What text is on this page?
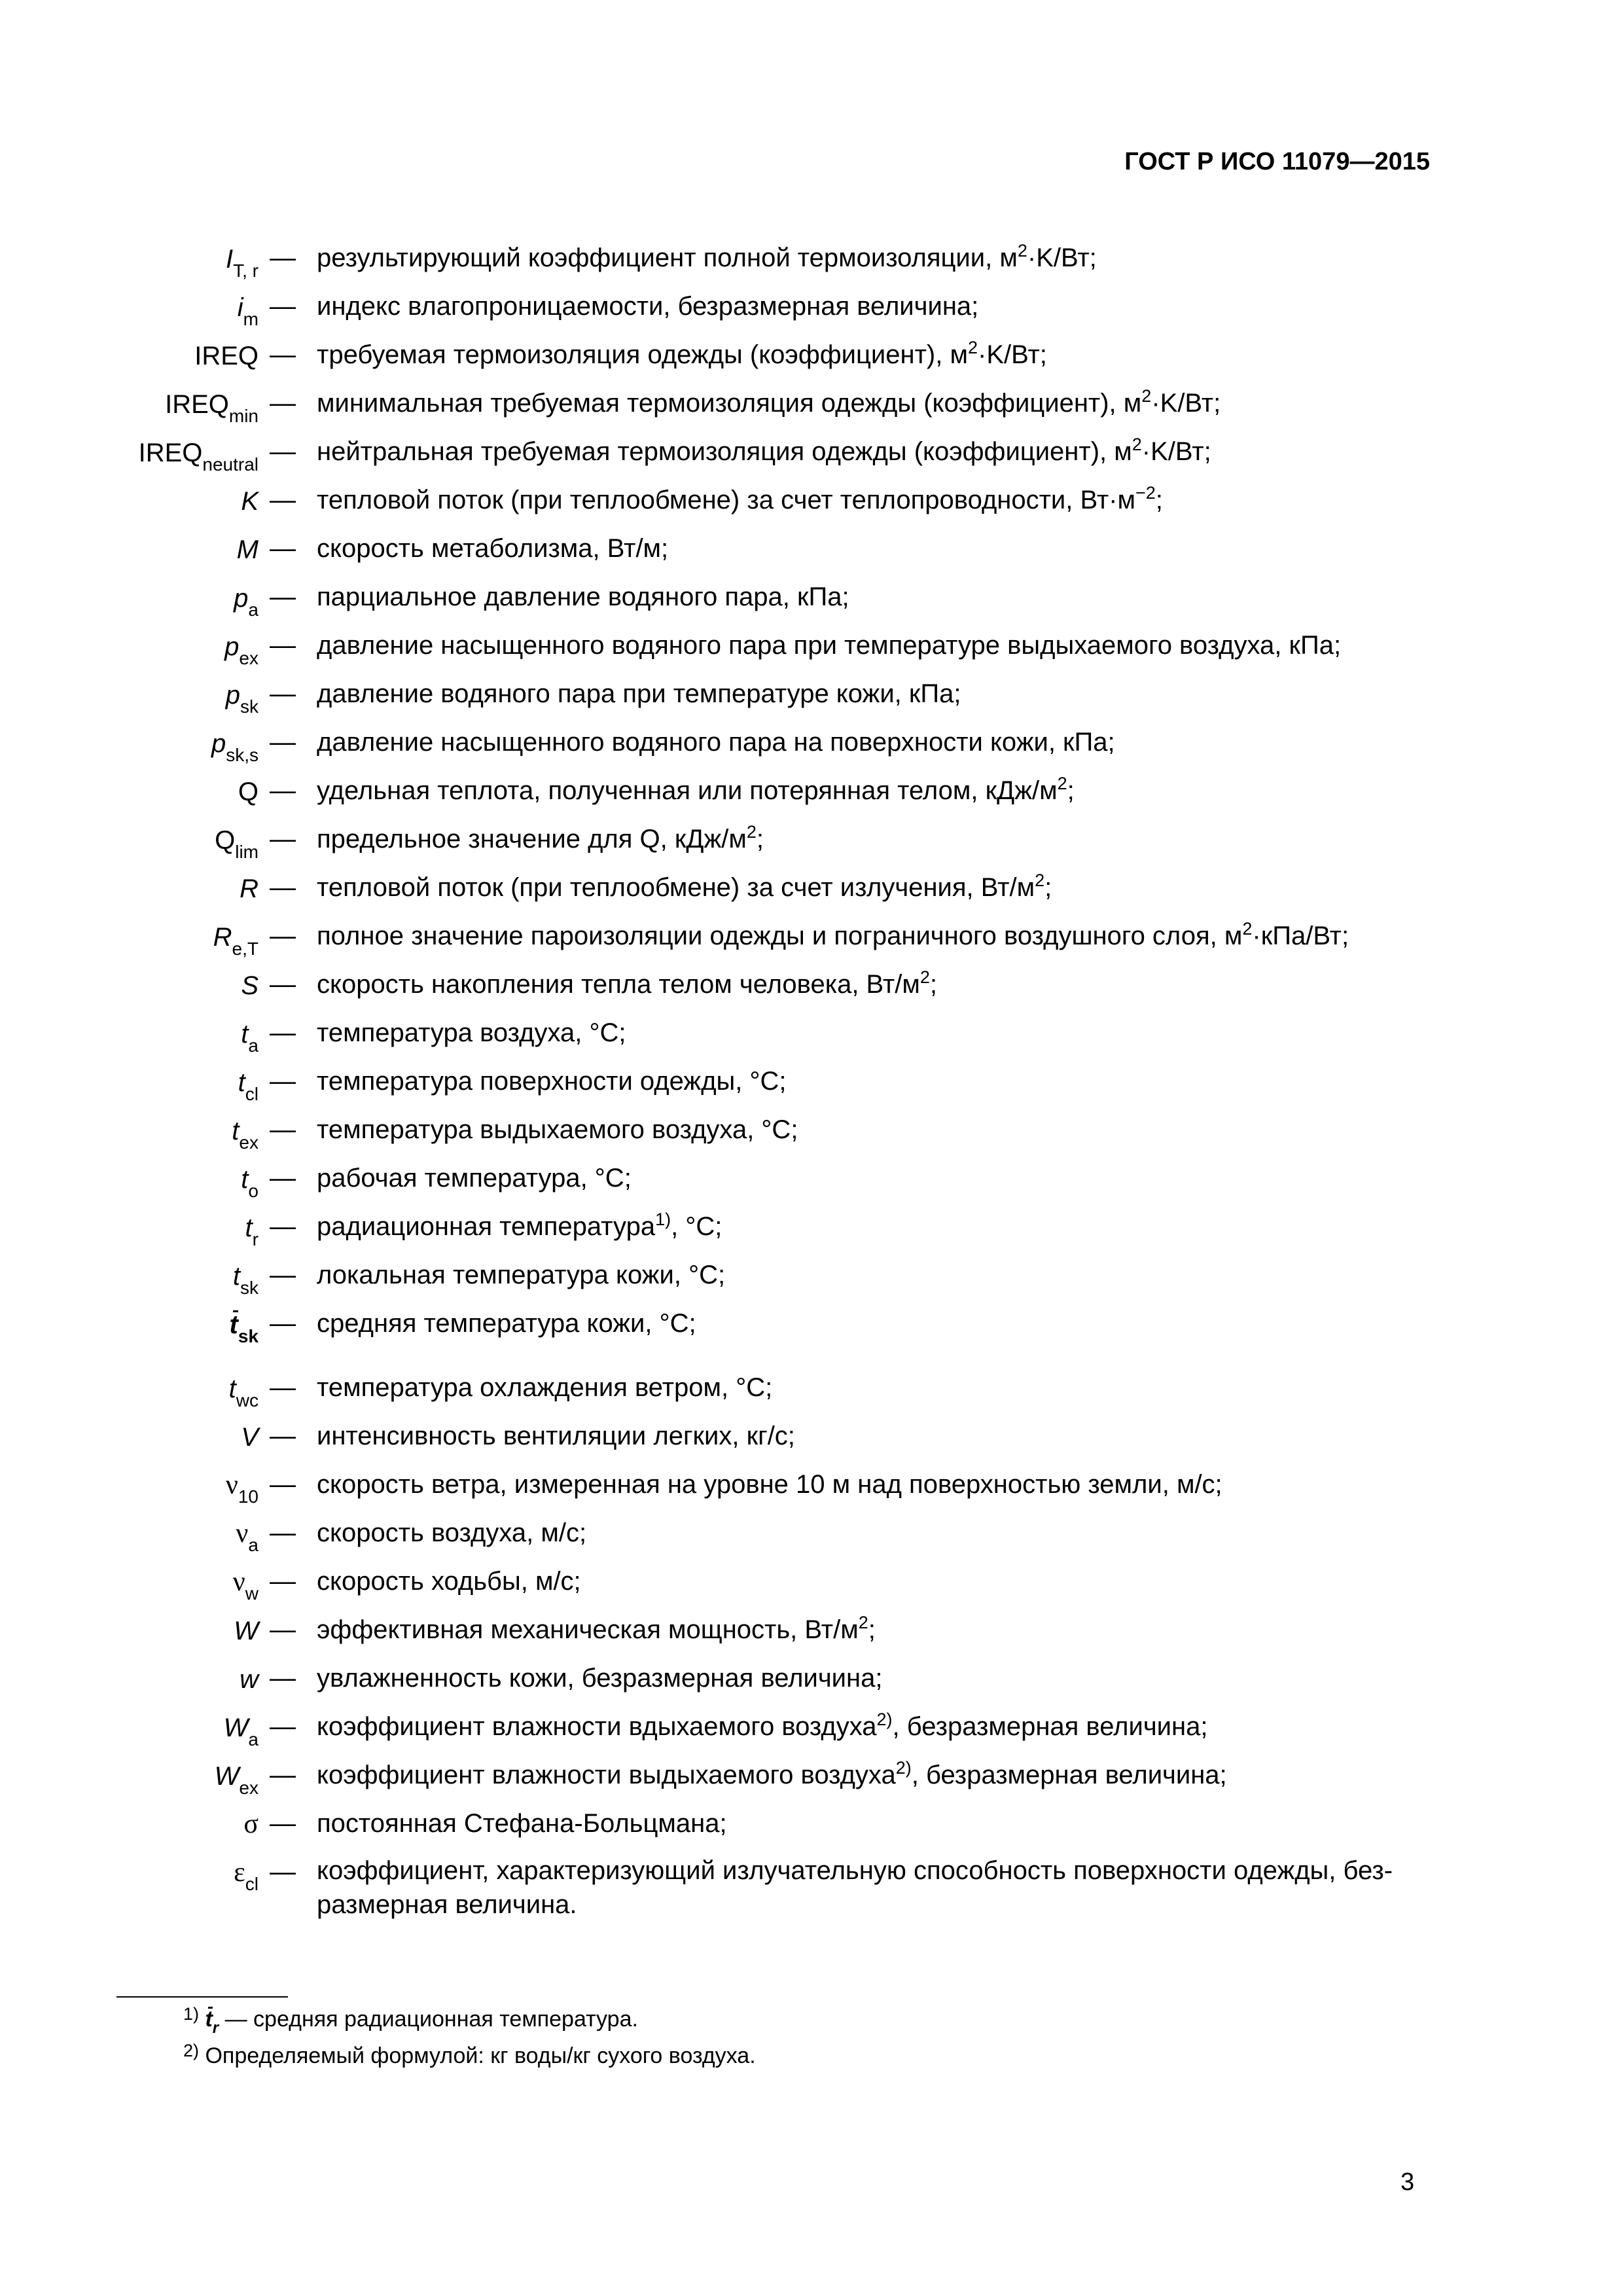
ГОСТ Р ИСО 11079—2015
$I_{T, r}$ — результирующий коэффициент полной термоизоляции, $м^2\cdot K/Вт$;
$i_m$ — индекс влагопроницаемости, безразмерная величина;
IREQ — требуемая термоизоляция одежды (коэффициент), $м^2\cdot K/Вт$;
$IREQ_{min}$ — минимальная требуемая термоизоляция одежды (коэффициент), $м^2\cdot K/Вт$;
$IREQ_{neutral}$ — нейтральная требуемая термоизоляция одежды (коэффициент), $м^2\cdot K/Вт$;
K — тепловой поток (при теплообмене) за счет теплопроводности, $Вт\cdot м^{-2}$;
M — скорость метаболизма, Вт/м;
$p_a$ — парциальное давление водяного пара, кПа;
$p_{ex}$ — давление насыщенного водяного пара при температуре выдыхаемого воздуха, кПа;
$p_{sk}$ — давление водяного пара при температуре кожи, кПа;
$p_{sk,s}$ — давление насыщенного водяного пара на поверхности кожи, кПа;
Q — удельная теплота, полученная или потерянная телом, кДж/$м^2$;
$Q_{lim}$ — предельное значение для Q, кДж/$м^2$;
R — тепловой поток (при теплообмене) за счет излучения, $Вт/м^2$;
$R_{e,T}$ — полное значение пароизоляции одежды и пограничного воздушного слоя, $м^2\cdot кПа/Вт$;
S — скорость накопления тепла телом человека, $Вт/м^2$;
$t_a$ — температура воздуха, °С;
$t_{cl}$ — температура поверхности одежды, °С;
$t_{ex}$ — температура выдыхаемого воздуха, °С;
$t_o$ — рабочая температура, °С;
$t_r$ — радиационная температура$^{1)}$, °С;
$t_{sk}$ — локальная температура кожи, °С;
$t_{sk}$ — средняя температура кожи, °С;
$t_{wc}$ — температура охлаждения ветром, °С;
V — интенсивность вентиляции легких, кг/с;
$\nu_{10}$ — скорость ветра, измеренная на уровне 10 м над поверхностью земли, м/с;
$\nu_a$ — скорость воздуха, м/с;
$\nu_w$ — скорость ходьбы, м/с;
W — эффективная механическая мощность, $Вт/м^2$;
w — увлажненность кожи, безразмерная величина;
$W_a$ — коэффициент влажности вдыхаемого воздуха$^{2)}$, безразмерная величина;
$W_{ex}$ — коэффициент влажности выдыхаемого воздуха$^{2)}$, безразмерная величина;
σ — постоянная Стефана-Больцмана;
$\varepsilon_{cl}$ — коэффициент, характеризующий излучательную способность поверхности одежды, без-
размерная величина.
$^{1)}$ $t_r$ — средняя радиационная температура.
$^{2)}$ Определяемый формулой: кг воды/кг сухого воздуха.
3
